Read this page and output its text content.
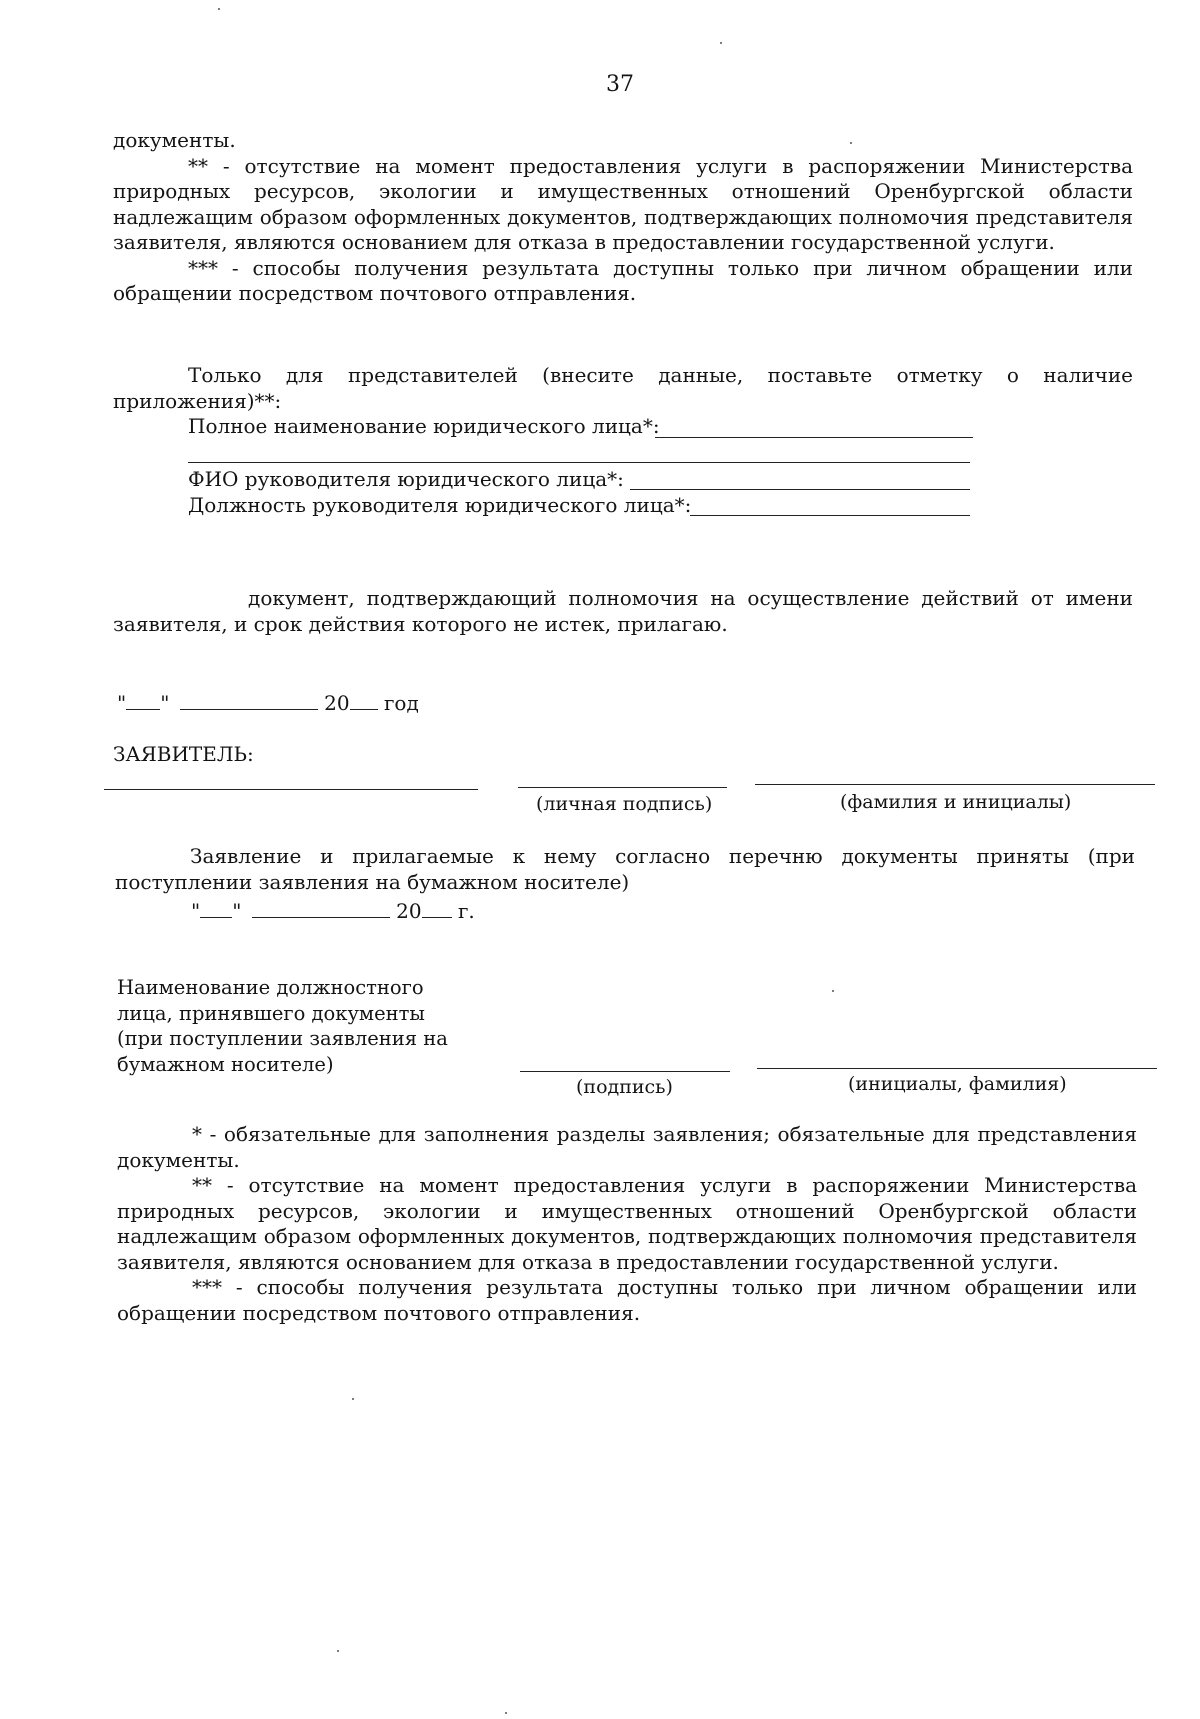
37
документы.
** - отсутствие на момент предоставления услуги в распоряжении Министерства природных ресурсов, экологии и имущественных отношений Оренбургской области надлежащим образом оформленных документов, подтверждающих полномочия представителя заявителя, являются основанием для отказа в предоставлении государственной услуги.
*** - способы получения результата доступны только при личном обращении или обращении посредством почтового отправления.
Только для представителей (внесите данные, поставьте отметку о наличие приложения)**:
Полное наименование юридического лица*:
ФИО руководителя юридического лица*:
Должность руководителя юридического лица*:
документ, подтверждающий полномочия на осуществление действий от имени заявителя, и срок действия которого не истек, прилагаю.
" "	20 год
ЗАЯВИТЕЛЬ:
(личная подпись)	(фамилия и инициалы)
Заявление и прилагаемые к нему согласно перечню документы приняты (при поступлении заявления на бумажном носителе)
" "	20 г.
Наименование должностного лица, принявшего документы (при поступлении заявления на бумажном носителе)
(подпись)	(инициалы, фамилия)
* - обязательные для заполнения разделы заявления; обязательные для представления документы.
** - отсутствие на момент предоставления услуги в распоряжении Министерства природных ресурсов, экологии и имущественных отношений Оренбургской области надлежащим образом оформленных документов, подтверждающих полномочия представителя заявителя, являются основанием для отказа в предоставлении государственной услуги.
*** - способы получения результата доступны только при личном обращении или обращении посредством почтового отправления.
